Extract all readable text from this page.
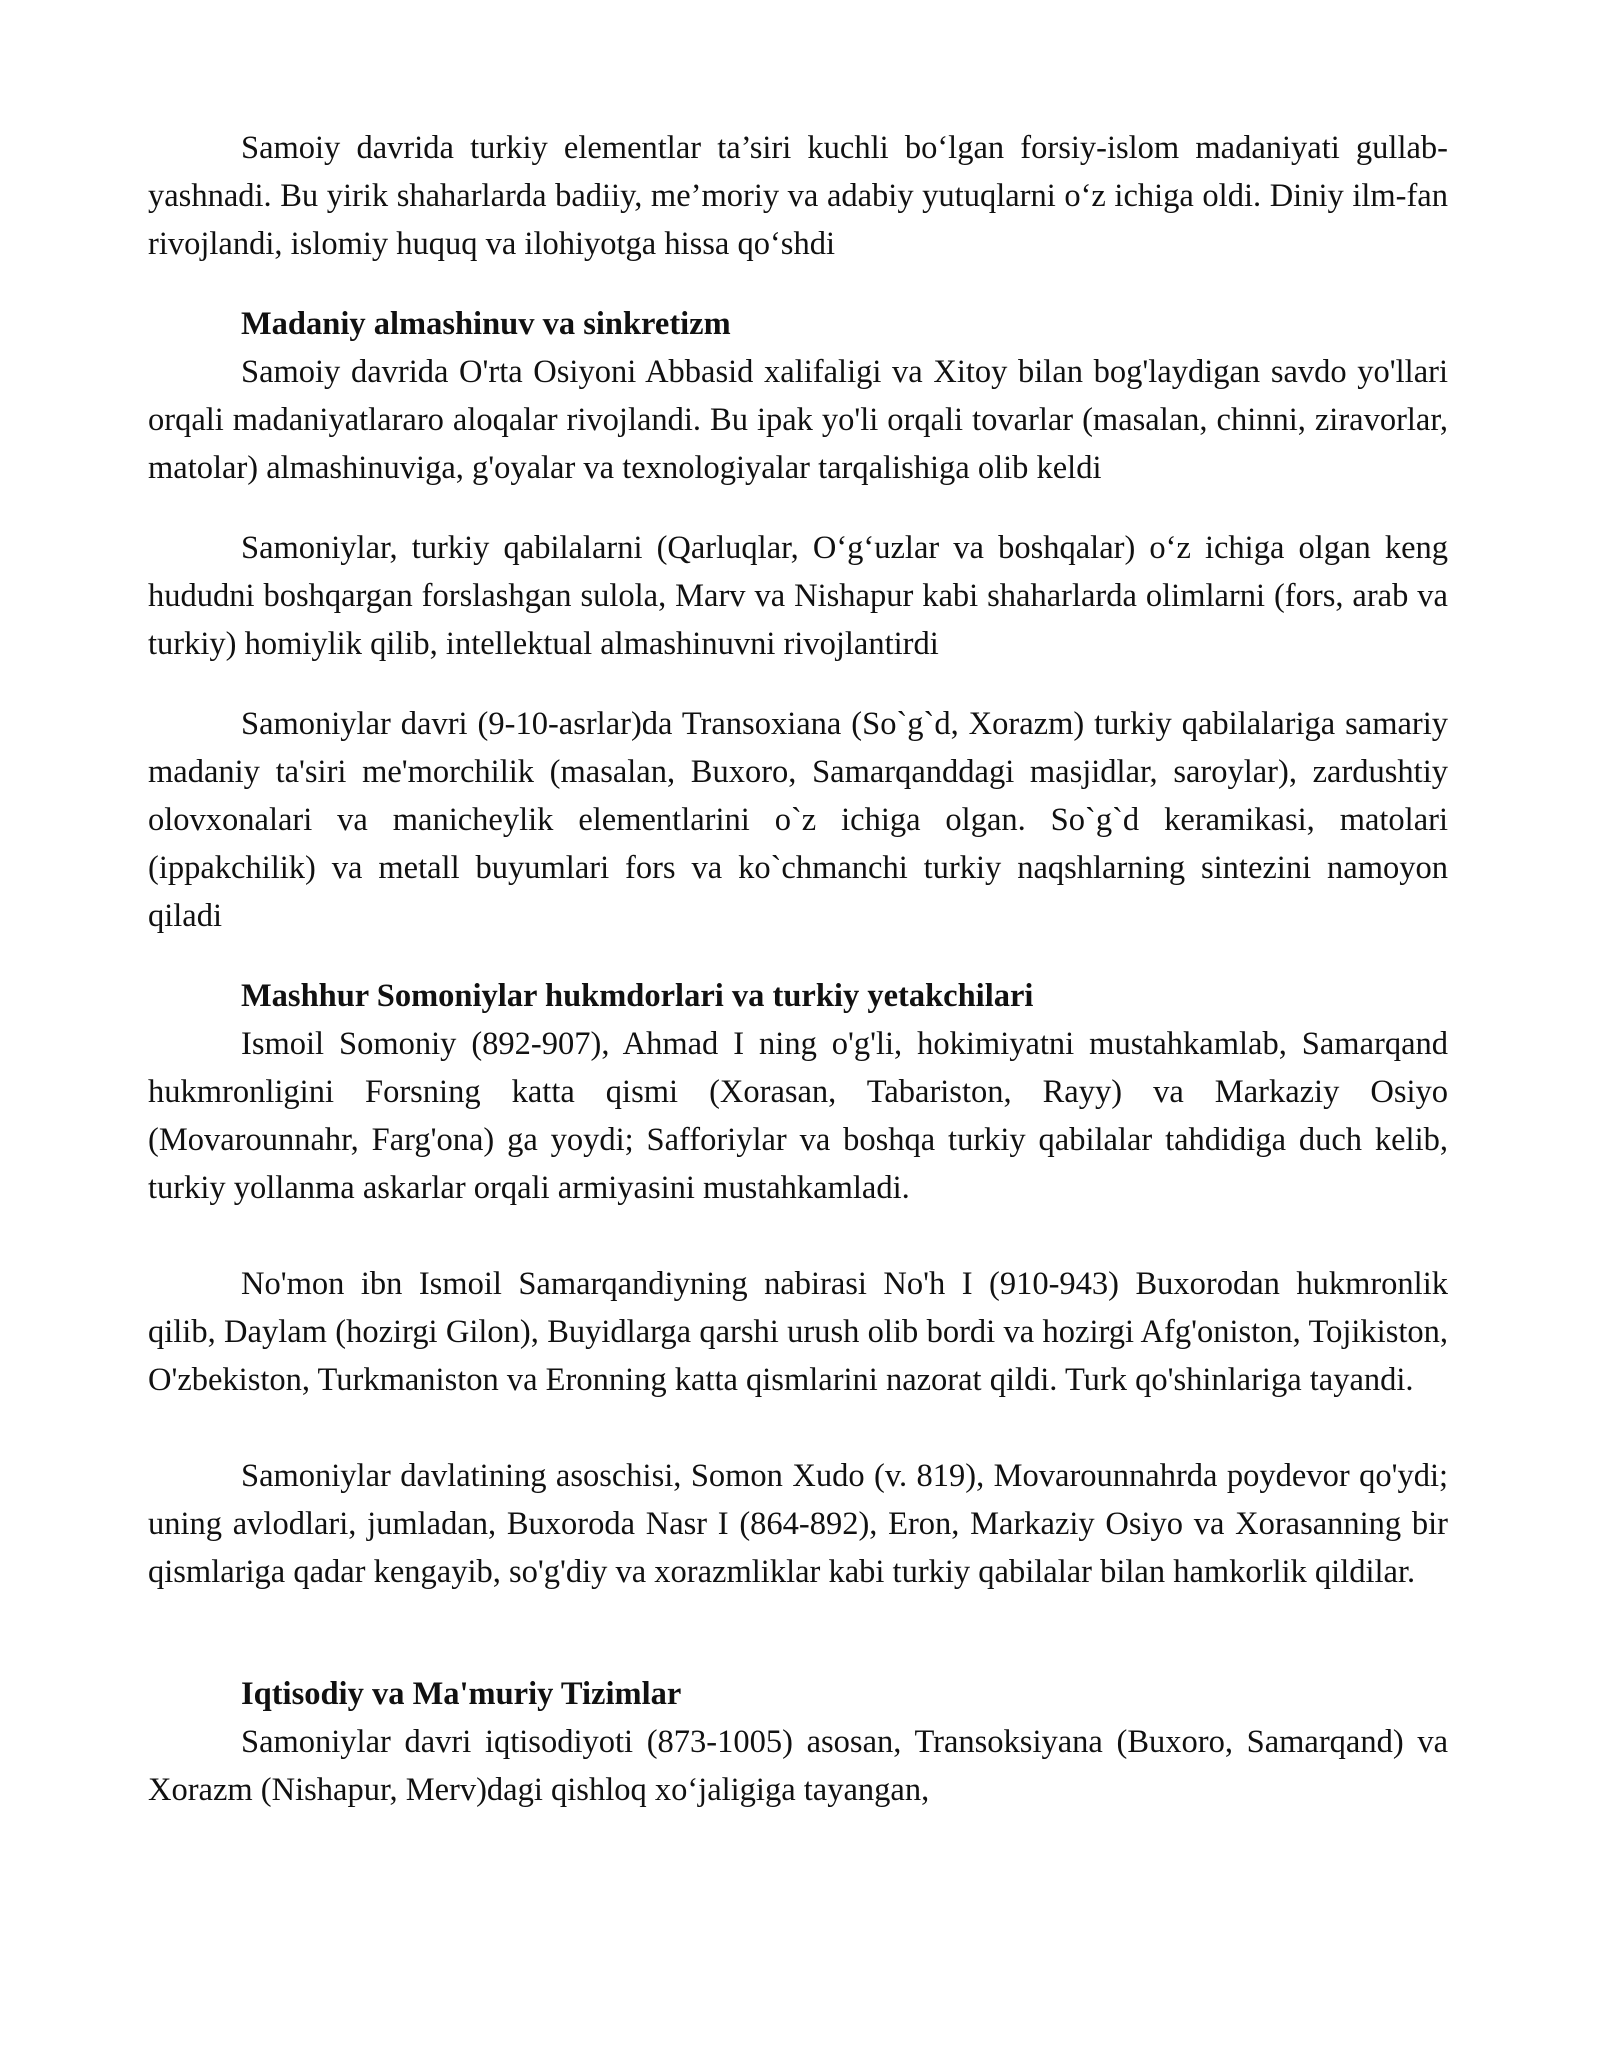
Samoiy davrida turkiy elementlar ta’siri kuchli bo‘lgan forsiy-islom madaniyati gullab-yashnadi. Bu yirik shaharlarda badiiy, me’moriy va adabiy yutuqlarni o‘z ichiga oldi. Diniy ilm-fan rivojlandi, islomiy huquq va ilohiyotga hissa qo‘shdi

Madaniy almashinuv va sinkretizm

Samoiy davrida O'rta Osiyoni Abbasid xalifaligi va Xitoy bilan bog'laydigan savdo yo'llari orqali madaniyatlararo aloqalar rivojlandi. Bu ipak yo'li orqali tovarlar (masalan, chinni, ziravorlar, matolar) almashinuviga, g'oyalar va texnologiyalar tarqalishiga olib keldi

Samoniylar, turkiy qabilalarni (Qarluqlar, O‘g‘uzlar va boshqalar) o‘z ichiga olgan keng hududni boshqargan forslashgan sulola, Marv va Nishapur kabi shaharlarda olimlarni (fors, arab va turkiy) homiylik qilib, intellektual almashinuvni rivojlantirdi

Samoniylar davri (9-10-asrlar)da Transoxiana (So`g`d, Xorazm) turkiy qabilalariga samariy madaniy ta'siri me'morchilik (masalan, Buxoro, Samarqanddagi masjidlar, saroylar), zardushtiy olovxonalari va manicheylik elementlarini o`z ichiga olgan. So`g`d keramikasi, matolari (ippakchilik) va metall buyumlari fors va ko`chmanchi turkiy naqshlarning sintezini namoyon qiladi

Mashhur Somoniylar hukmdorlari va turkiy yetakchilari

Ismoil Somoniy (892-907), Ahmad I ning o'g'li, hokimiyatni mustahkamlab, Samarqand hukmronligini Forsning katta qismi (Xorasan, Tabariston, Rayy) va Markaziy Osiyo (Movarounnahr, Farg'ona) ga yoydi; Safforiylar va boshqa turkiy qabilalar tahdidiga duch kelib, turkiy yollanma askarlar orqali armiyasini mustahkamladi.

No'mon ibn Ismoil Samarqandiyning nabirasi No'h I (910-943) Buxorodan hukmronlik qilib, Daylam (hozirgi Gilon), Buyidlarga qarshi urush olib bordi va hozirgi Afg'oniston, Tojikiston, O'zbekiston, Turkmaniston va Eronning katta qismlarini nazorat qildi. Turk qo'shinlariga tayandi.

Samoniylar davlatining asoschisi, Somon Xudo (v. 819), Movarounnahrda poydevor qo'ydi; uning avlodlari, jumladan, Buxoroda Nasr I (864-892), Eron, Markaziy Osiyo va Xorasanning bir qismlariga qadar kengayib, so'g'diy va xorazmliklar kabi turkiy qabilalar bilan hamkorlik qildilar.

Iqtisodiy va Ma'muriy Tizimlar

Samoniylar davri iqtisodiyoti (873-1005) asosan, Transoksiyana (Buxoro, Samarqand) va Xorazm (Nishapur, Merv)dagi qishloq xo‘jaligiga tayangan,
